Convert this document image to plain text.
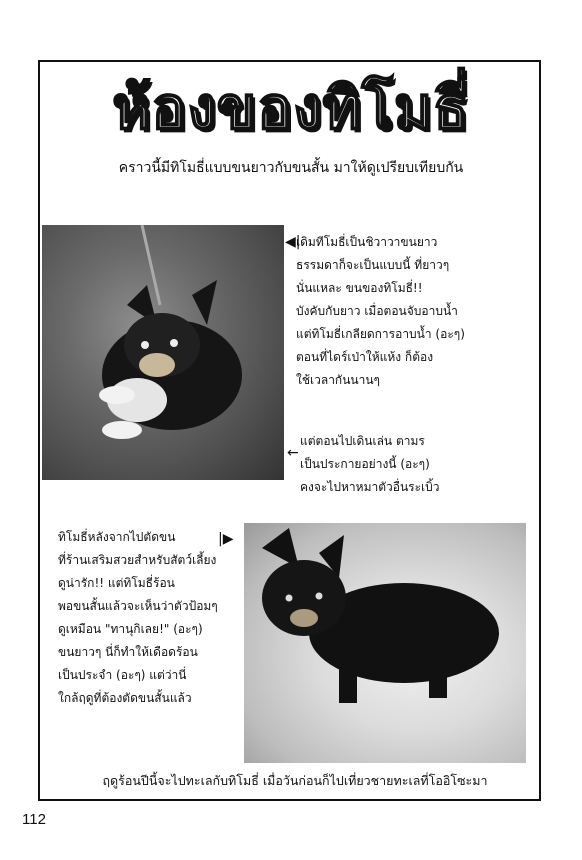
ห้องของทิโมธี่
คราวนี้มีทิโมธี่แบบขนยาวกับขนสั้น มาให้ดูเปรียบเทียบกัน
◀|
เดิมทีโมธี่เป็นชิวาวาขนยาว
ธรรมดาก็จะเป็นแบบนี้ ที่ยาวๆ
นั่นแหละ ขนของทิโมธี่!!
บังคับกับยาว เมื่อตอนจับอาบน้ำ
แต่ทิโมธี่เกลียดการอาบน้ำ (อะๆ)
ตอนที่ไดร์เป่าให้แห้ง ก็ต้อง
ใช้เวลากันนานๆ
←
แต่ตอนไปเดินเล่น ตามร
เป็นประกายอย่างนี้ (อะๆ)
คงจะไปหาหมาตัวอื่นระเบิ้ว
ทิโมธี่หลังจากไปตัดขน
ที่ร้านเสริมสวยสำหรับสัตว์เลี้ยง
ดูน่ารัก!! แต่ทิโมธี่ร้อน
พอขนสั้นแล้วจะเห็นว่าตัวป้อมๆ
ดูเหมือน "ทานุกิเลย!" (อะๆ)
ขนยาวๆ นี่ก็ทำให้เดือดร้อน
เป็นประจำ (อะๆ) แต่ว่านี่
ใกล้ฤดูที่ต้องตัดขนสั้นแล้ว
|▶
ฤดูร้อนปีนี้จะไปทะเลกับทิโมธี่ เมื่อวันก่อนก็ไปเที่ยวชายทะเลที่โออิโซะมา
112
